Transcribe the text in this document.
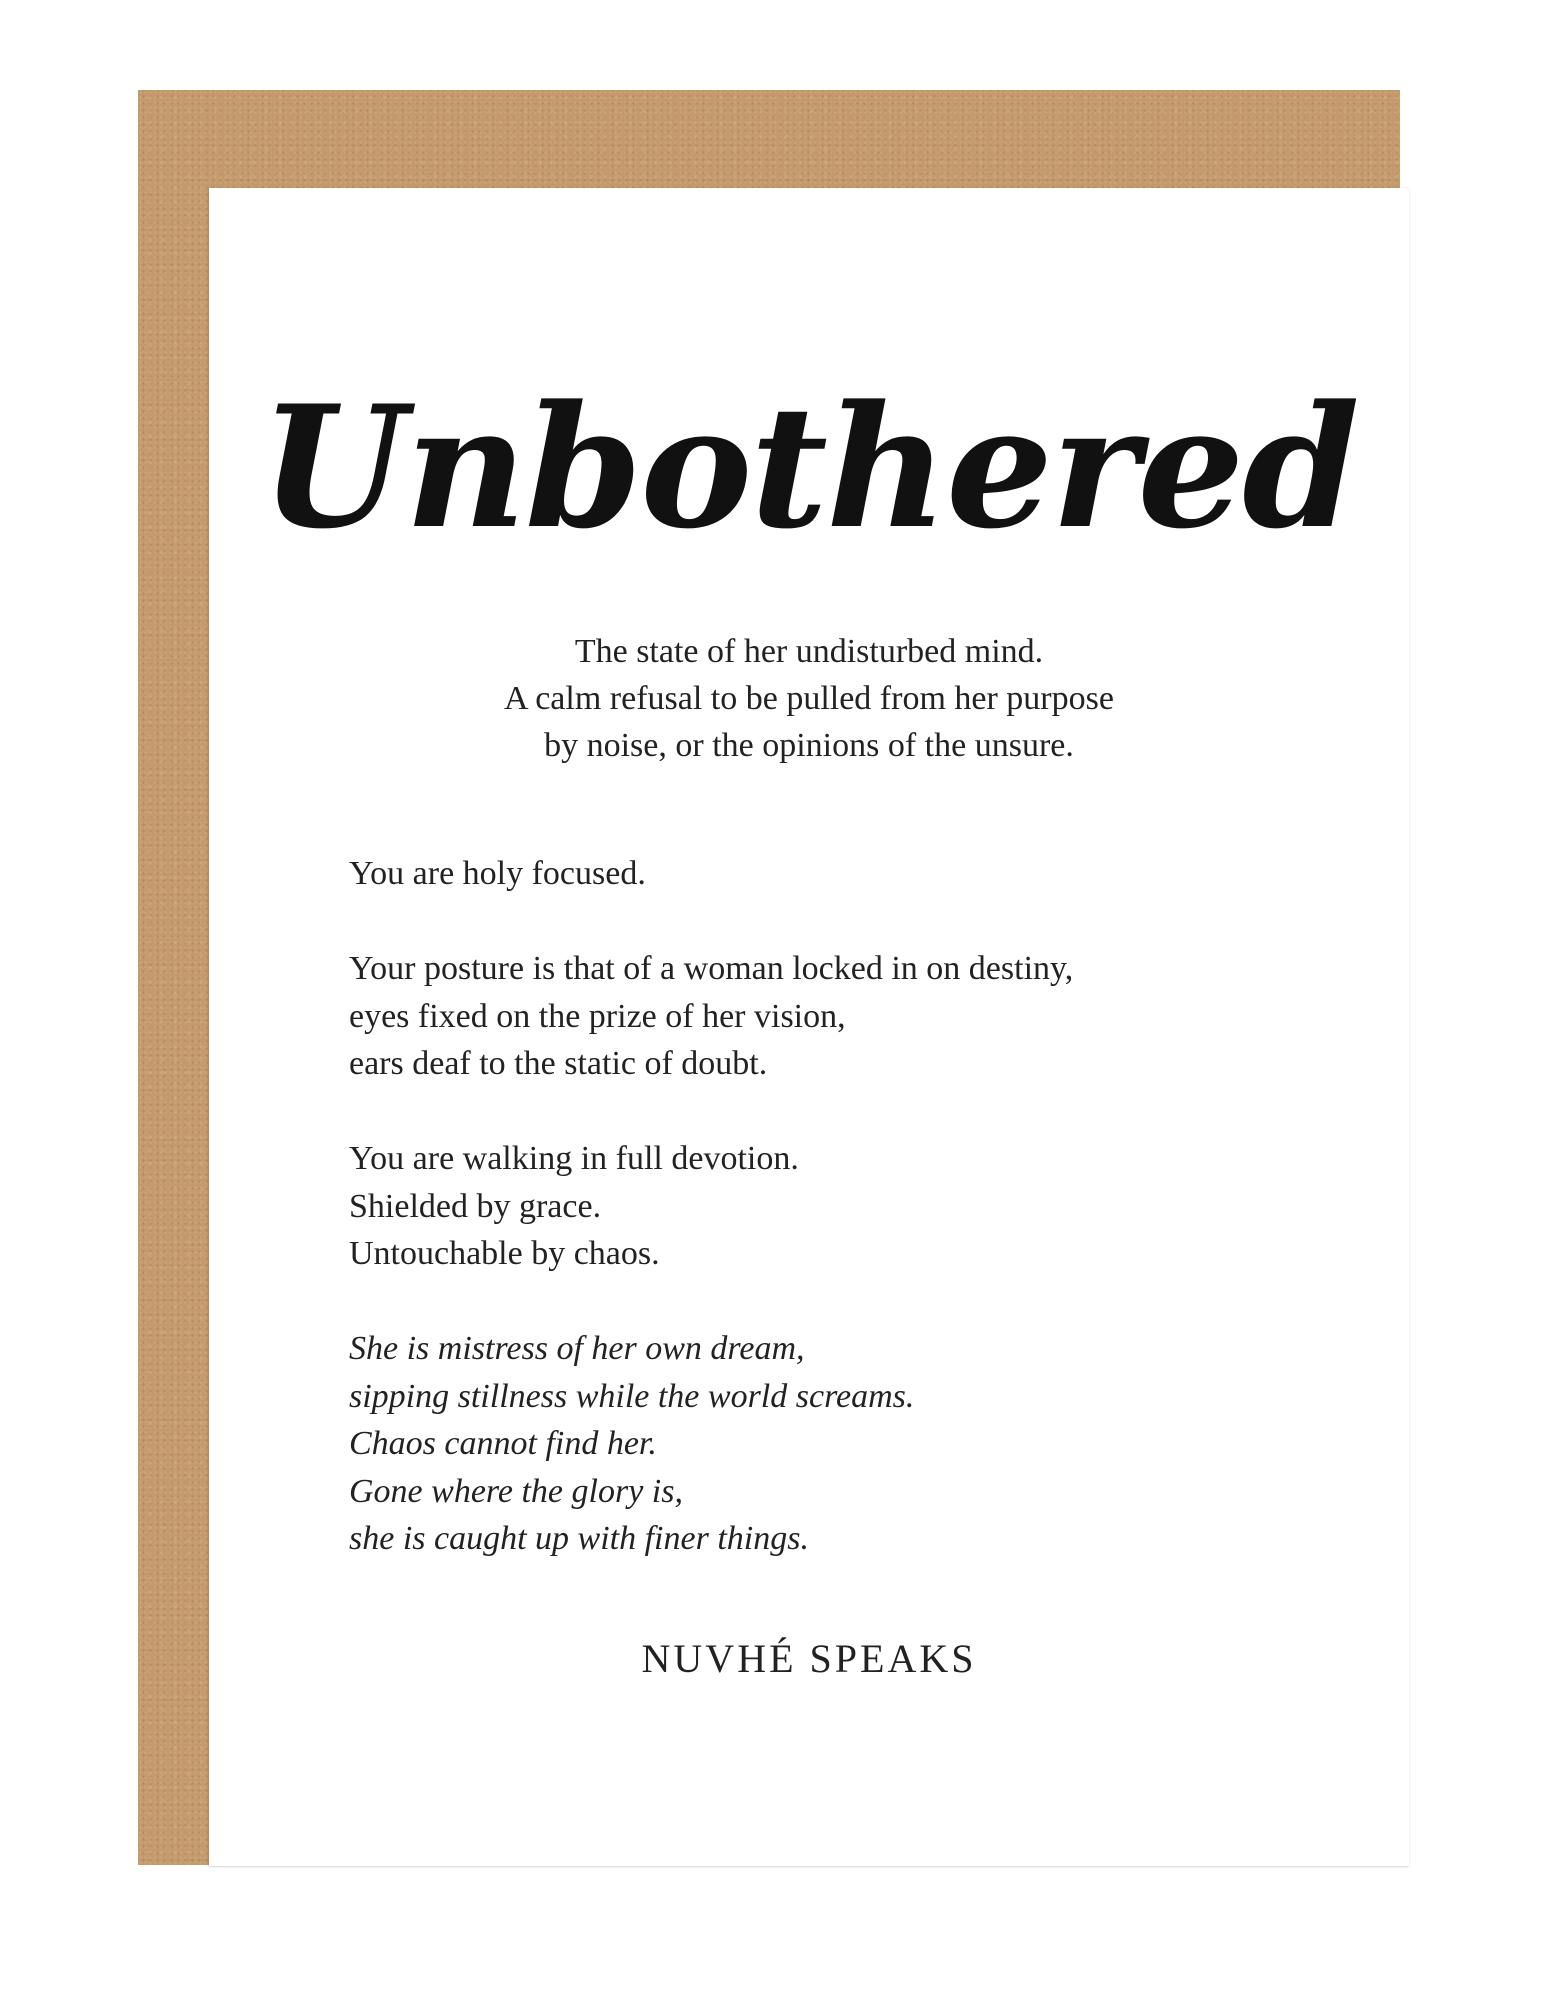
Unbothered

The state of her undisturbed mind.
A calm refusal to be pulled from her purpose
by noise, or the opinions of the unsure.

You are holy focused.

Your posture is that of a woman locked in on destiny,
eyes fixed on the prize of her vision,
ears deaf to the static of doubt.

You are walking in full devotion.
Shielded by grace.
Untouchable by chaos.

She is mistress of her own dream,
sipping stillness while the world screams.
Chaos cannot find her.
Gone where the glory is,
she is caught up with finer things.

NUVHÉ SPEAKS
